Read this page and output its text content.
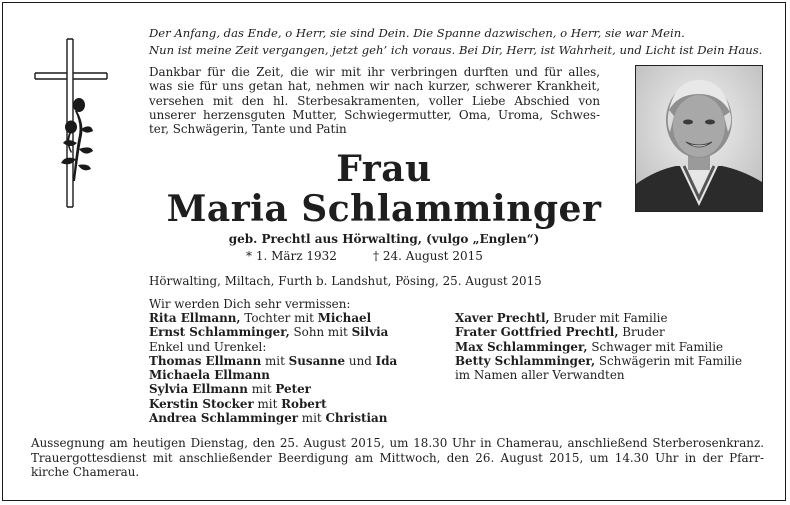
Der Anfang, das Ende, o Herr, sie sind Dein. Die Spanne dazwischen, o Herr, sie war Mein.
Nun ist meine Zeit vergangen, jetzt geh’ ich voraus. Bei Dir, Herr, ist Wahrheit, und Licht ist Dein Haus.
Dankbar für die Zeit, die wir mit ihr verbringen durften und für alles,
was sie für uns getan hat, nehmen wir nach kurzer, schwerer Krankheit,
versehen mit den hl. Sterbesakramenten, voller Liebe Abschied von
unserer herzensguten Mutter, Schwiegermutter, Oma, Uroma, Schwes-
ter, Schwägerin, Tante und Patin
Frau
Maria Schlamminger
geb. Prechtl aus Hörwalting, (vulgo „Englen“)
* 1. März 1932	† 24. August 2015
Hörwalting, Miltach, Furth b. Landshut, Pösing, 25. August 2015
Wir werden Dich sehr vermissen:
Rita Ellmann, Tochter mit Michael
Ernst Schlamminger, Sohn mit Silvia
Enkel und Urenkel:
Thomas Ellmann mit Susanne und Ida
Michaela Ellmann
Sylvia Ellmann mit Peter
Kerstin Stocker mit Robert
Andrea Schlamminger mit Christian
Xaver Prechtl, Bruder mit Familie
Frater Gottfried Prechtl, Bruder
Max Schlamminger, Schwager mit Familie
Betty Schlamminger, Schwägerin mit Familie
im Namen aller Verwandten
Aussegnung am heutigen Dienstag, den 25. August 2015, um 18.30 Uhr in Chamerau, anschließend Sterberosenkranz.
Trauergottesdienst mit anschließender Beerdigung am Mittwoch, den 26. August 2015, um 14.30 Uhr in der Pfarr-
kirche Chamerau.
